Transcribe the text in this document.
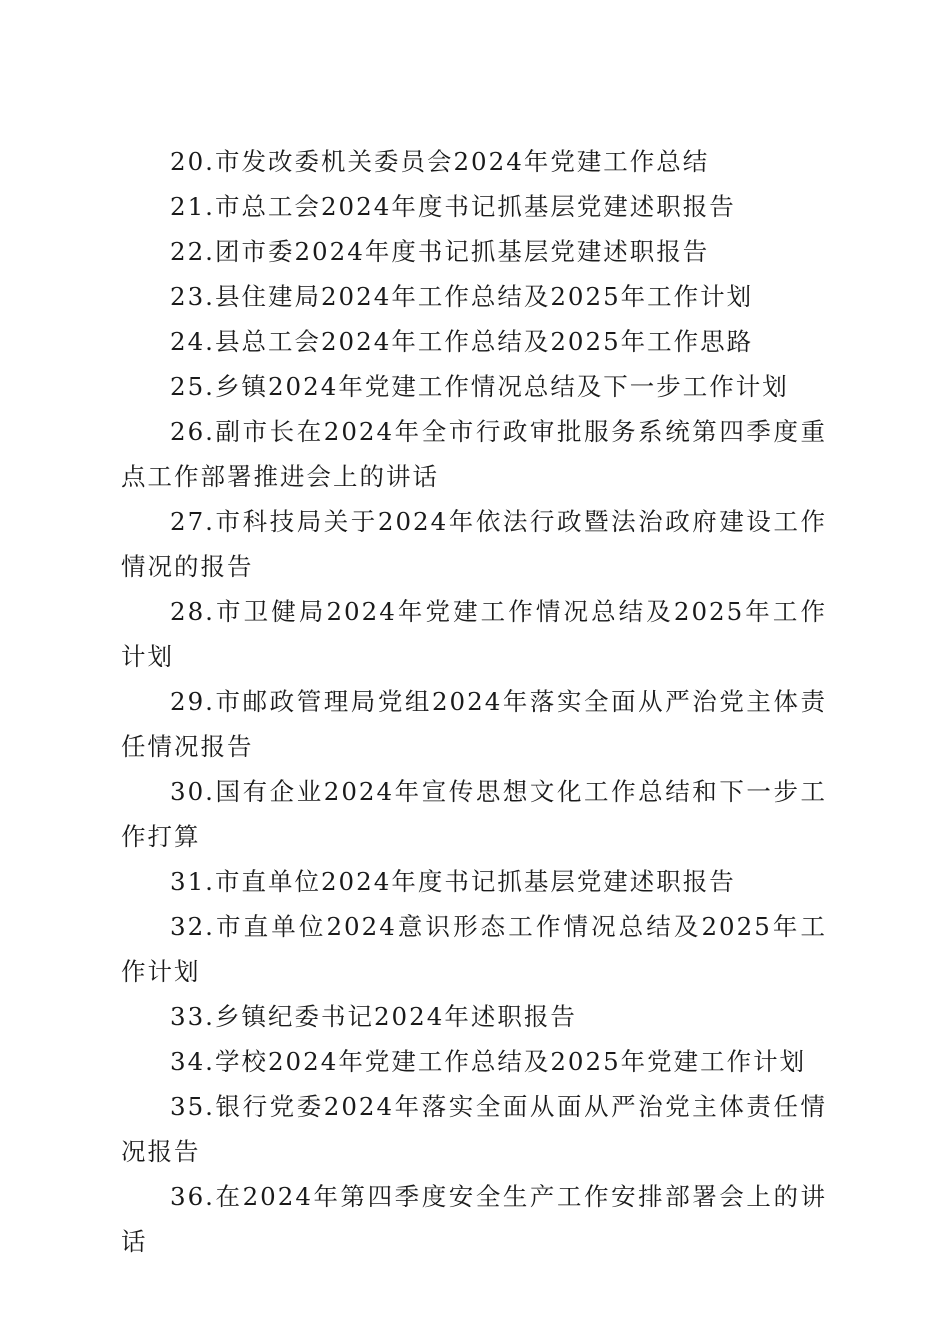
20.市发改委机关委员会2024年党建工作总结

21.市总工会2024年度书记抓基层党建述职报告

22.团市委2024年度书记抓基层党建述职报告

23.县住建局2024年工作总结及2025年工作计划

24.县总工会2024年工作总结及2025年工作思路

25.乡镇2024年党建工作情况总结及下一步工作计划

26.副市长在2024年全市行政审批服务系统第四季度重点工作部署推进会上的讲话

27.市科技局关于2024年依法行政暨法治政府建设工作情况的报告

28.市卫健局2024年党建工作情况总结及2025年工作计划

29.市邮政管理局党组2024年落实全面从严治党主体责任情况报告

30.国有企业2024年宣传思想文化工作总结和下一步工作打算

31.市直单位2024年度书记抓基层党建述职报告

32.市直单位2024意识形态工作情况总结及2025年工作计划

33.乡镇纪委书记2024年述职报告

34.学校2024年党建工作总结及2025年党建工作计划

35.银行党委2024年落实全面从面从严治党主体责任情况报告

36.在2024年第四季度安全生产工作安排部署会上的讲话
